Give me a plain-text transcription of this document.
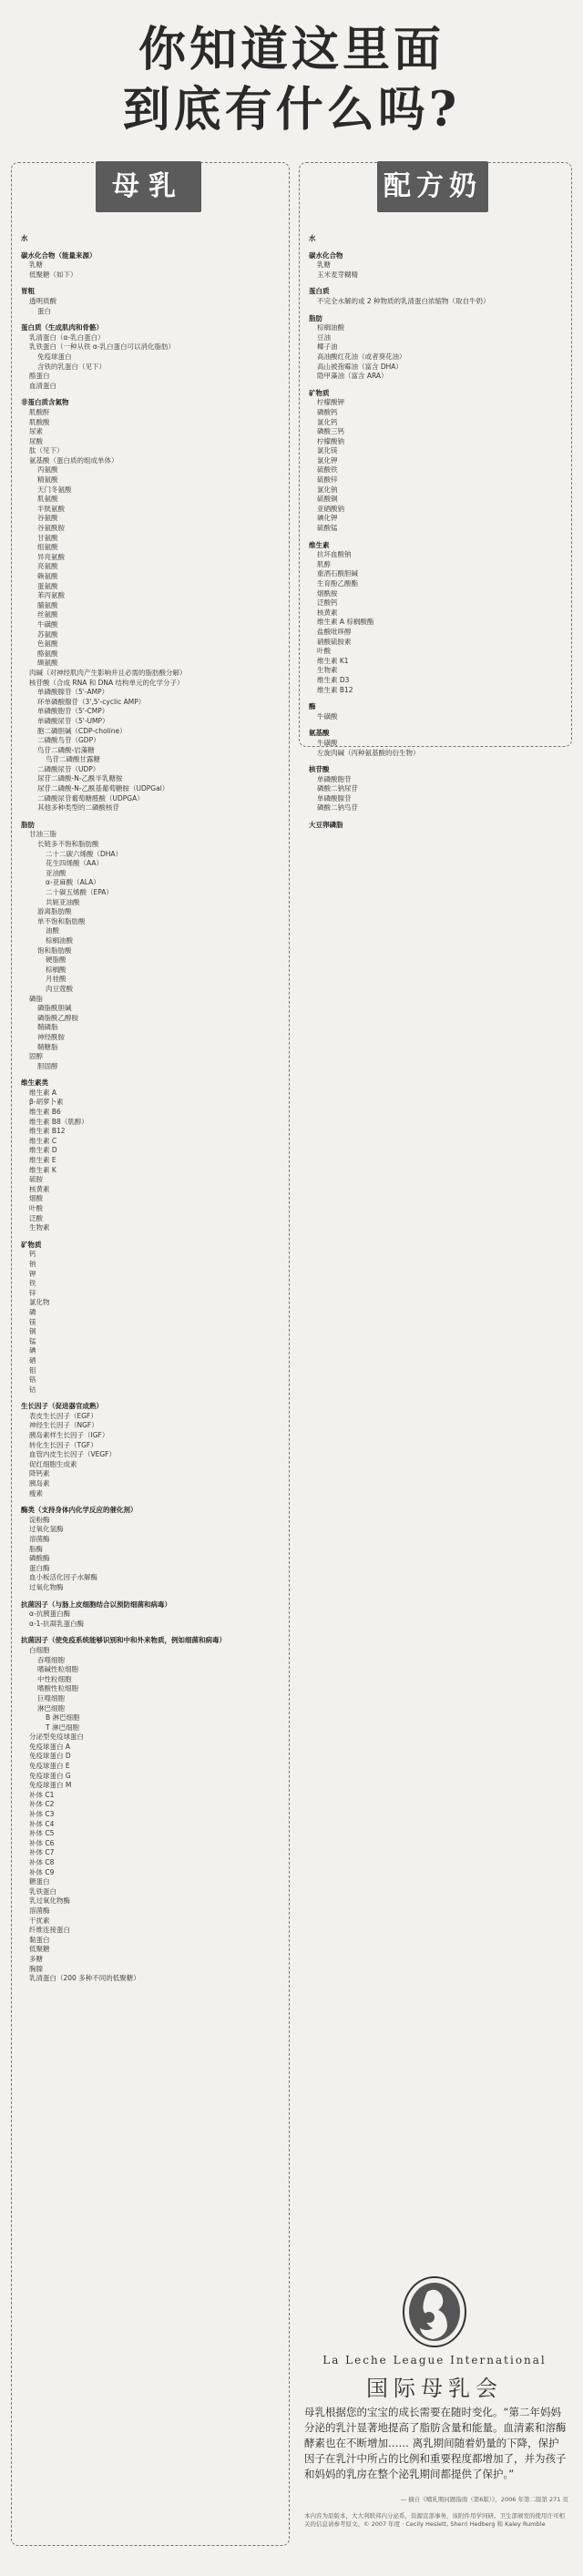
你知道这里面
到底有什么吗?
母乳
水
碳水化合物（能量来源）
乳糖
低聚糖（如下）
胃粗
透明质酸
蛋白
蛋白质（生成肌肉和骨骼）
乳清蛋白（α-乳白蛋白）
乳铁蛋白（一种从铁 α-乳白蛋白可以消化脂肪）
免疫球蛋白
含铁的乳蛋白（见下）
酪蛋白
血清蛋白
非蛋白质含氮物
肌酸酐
肌酸酸
尿素
尿酸
肽（见下）
氨基酸（蛋白质的组成单体）
丙氨酸
精氨酸
天门冬氨酸
肌氨酸
半胱氨酸
谷氨酸
谷氨酰胺
甘氨酸
组氨酸
异亮氨酸
亮氨酸
赖氨酸
蛋氨酸
苯丙氨酸
脯氨酸
丝氨酸
牛磺酸
苏氨酸
色氨酸
酪氨酸
缬氨酸
肉碱（对神经肌肉产生影响并且必需的脂肪酸分解）
核苷酸（合成 RNA 和 DNA 结构单元的化学分子）
单磷酸腺苷（5'-AMP）
环单磷酸腺苷（3',5'-cyclic AMP）
单磷酸胞苷（5'-CMP）
单磷酸尿苷（5'-UMP）
胞二磷胆碱（CDP-choline）
二磷酸鸟苷（GDP）
鸟苷二磷酸-岩藻糖
鸟苷二磷酸甘露糖
二磷酸尿苷（UDP）
尿苷二磷酸-N-乙酰半乳糖胺
尿苷二磷酸-N-乙酰基葡萄糖胺（UDPGal）
二磷酸尿苷葡萄糖醛酸（UDPGA）
其他多种类型的二磷酸核苷
脂肪
甘油三脂
长链多不饱和脂肪酸
二十二碳六烯酸（DHA）
花生四烯酸（AA）
亚油酸
α-亚麻酸（ALA）
二十碳五烯酸（EPA）
共轭亚油酸
游离脂肪酸
单不饱和脂肪酸
油酸
棕榈油酸
饱和脂肪酸
硬脂酸
棕榈酸
月桂酸
肉豆蔻酸
磷脂
磷脂酰胆碱
磷脂酰乙醇胺
鞘磷脂
神经酰胺
鞘糖脂
固醇
胆固醇
维生素类
维生素 A
β-胡萝卜素
维生素 B6
维生素 B8（肌醇）
维生素 B12
维生素 C
维生素 D
维生素 E
维生素 K
硫胺
核黄素
烟酸
叶酸
泛酸
生物素
矿物质
钙
钠
钾
铁
锌
氯化物
磷
镁
铜
锰
碘
硒
钼
铬
钴
生长因子（促进器官成熟）
表皮生长因子（EGF）
神经生长因子（NGF）
胰岛素样生长因子（IGF）
转化生长因子（TGF）
血管内皮生长因子（VEGF）
促红细胞生成素
降钙素
胰岛素
瘦素
酶类（支持身体内化学反应的催化剂）
淀粉酶
过氧化氢酶
溶菌酶
脂酶
磷酸酶
蛋白酶
血小板活化因子水解酶
过氧化物酶
抗菌因子（与肠上皮细胞结合以预防细菌和病毒）
α-抗胰蛋白酶
α-1-抗凝乳蛋白酶
抗菌因子（使免疫系统能够识别和中和外来物质，例如细菌和病毒）
白细胞
吞噬细胞
嗜碱性粒细胞
中性粒细胞
嗜酸性粒细胞
巨噬细胞
淋巴细胞
B 淋巴细胞
T 淋巴细胞
分泌型免疫球蛋白
免疫球蛋白 A
免疫球蛋白 D
免疫球蛋白 E
免疫球蛋白 G
免疫球蛋白 M
补体 C1
补体 C2
补体 C3
补体 C4
补体 C5
补体 C6
补体 C7
补体 C8
补体 C9
糖蛋白
乳铁蛋白
乳过氧化物酶
溶菌酶
干扰素
纤维连接蛋白
黏蛋白
低聚糖
多糖
胸腺
乳清蛋白（200 多种不同的低聚糖）
配方奶
水
碳水化合物
乳糖
玉米麦芽糊精
蛋白质
不完全水解的或 2 种物质的乳清蛋白浓缩物（取自牛奶）
脂肪
棕榈油酸
豆油
椰子油
高油酸红花油（或者葵花油）
高山被孢霉油（富含 DHA）
隐甲藻油（富含 ARA）
矿物质
柠檬酸钾
磷酸钙
氯化钙
磷酸三钙
柠檬酸钠
氯化镁
氯化钾
硫酸铁
硫酸锌
氯化钠
硫酸铜
亚硒酸钠
碘化钾
硫酸锰
维生素
抗坏血酸钠
肌醇
重酒石酸胆碱
生育酚乙酸酯
烟酰胺
泛酸钙
核黄素
维生素 A 棕榈酸酯
盐酸吡哆醇
硝酸硫胺素
叶酸
维生素 K1
生物素
维生素 D3
维生素 B12
酶
牛磺酸
氨基酸
牛磺酸
左旋肉碱（丙种氨基酸的衍生物）
核苷酸
单磷酸胞苷
磷酸二钠尿苷
单磷酸腺苷
磷酸二钠鸟苷
大豆卵磷脂
La Leche League International
国际母乳会
母乳根据您的宝宝的成长需要在随时变化。“第二年妈妈分泌的乳汁显著地提高了脂肪含量和能量。血清素和溶酶酵素也在不断增加…… 离乳期间随着奶量的下降，保护因子在乳汁中所占的比例和重要程度都增加了，并为孩子和妈妈的乳房在整个泌乳期间都提供了保护。”
— 摘自《哺乳期问题指南（第6版）》，2006 年第二版第 271 页
本内容为原版本，大大利联邦内分泌系，资源宣部事务，该附件用学同研。卫生部颁发的使用许可相关的信息请参考原文。© 2007 年度 · Cecily Heslett, Sherri Hedberg 和 Kaley Rumble
